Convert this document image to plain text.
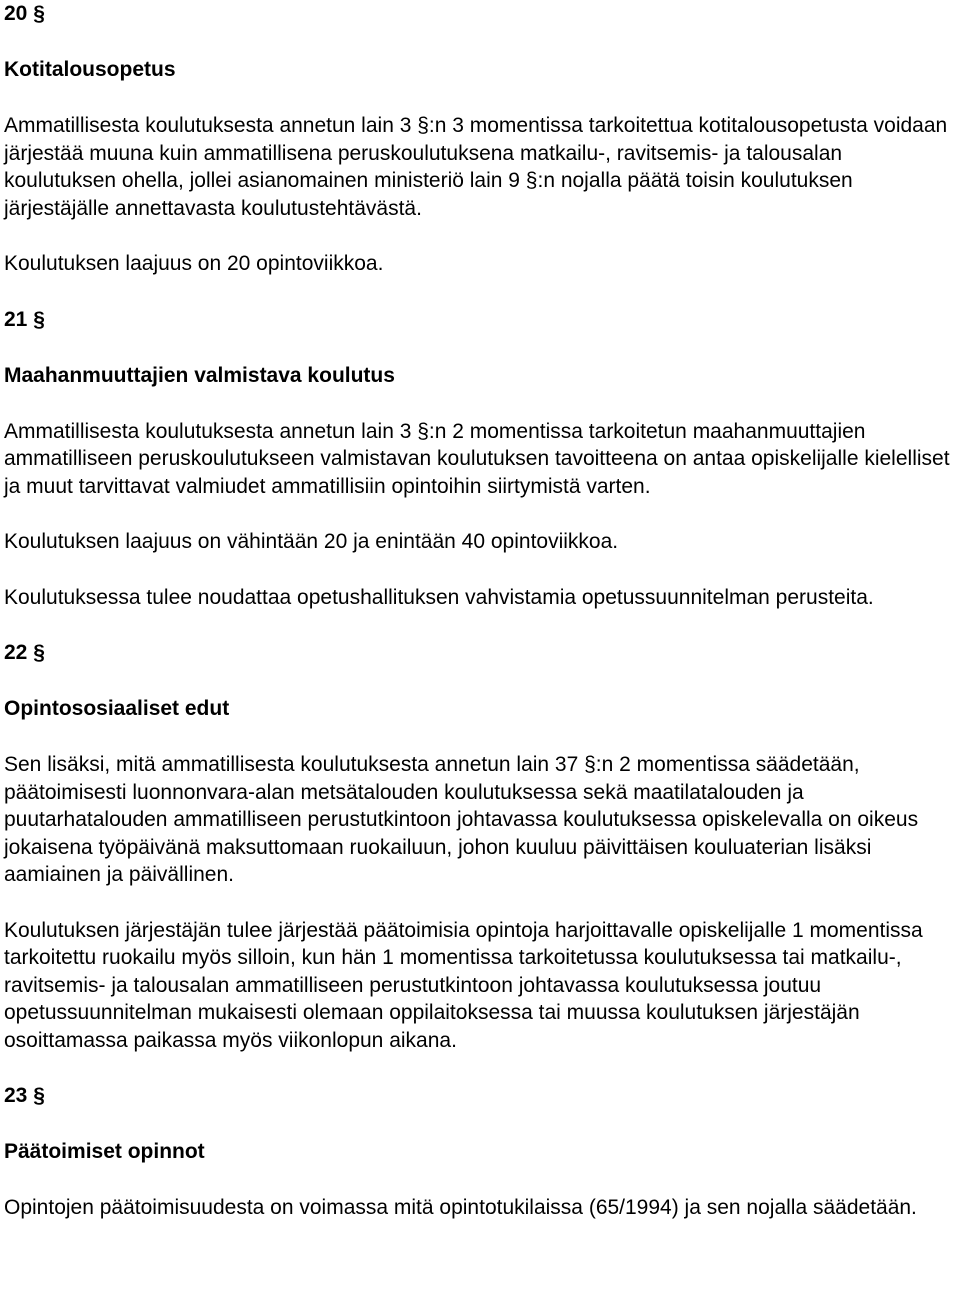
20 §

Kotitalousopetus

Ammatillisesta koulutuksesta annetun lain 3 §:n 3 momentissa tarkoitettua kotitalousopetusta voidaan järjestää muuna kuin ammatillisena peruskoulutuksena matkailu-, ravitsemis- ja talousalan koulutuksen ohella, jollei asianomainen ministeriö lain 9 §:n nojalla päätä toisin koulutuksen järjestäjälle annettavasta koulutustehtävästä.

Koulutuksen laajuus on 20 opintoviikkoa.

21 §

Maahanmuuttajien valmistava koulutus

Ammatillisesta koulutuksesta annetun lain 3 §:n 2 momentissa tarkoitetun maahanmuuttajien ammatilliseen peruskoulutukseen valmistavan koulutuksen tavoitteena on antaa opiskelijalle kielelliset ja muut tarvittavat valmiudet ammatillisiin opintoihin siirtymistä varten.

Koulutuksen laajuus on vähintään 20 ja enintään 40 opintoviikkoa.

Koulutuksessa tulee noudattaa opetushallituksen vahvistamia opetussuunnitelman perusteita.

22 §

Opintososiaaliset edut

Sen lisäksi, mitä ammatillisesta koulutuksesta annetun lain 37 §:n 2 momentissa säädetään, päätoimisesti luonnonvara-alan metsätalouden koulutuksessa sekä maatilatalouden ja puutarhatalouden ammatilliseen perustutkintoon johtavassa koulutuksessa opiskelevalla on oikeus jokaisena työpäivänä maksuttomaan ruokailuun, johon kuuluu päivittäisen kouluaterian lisäksi aamiainen ja päivällinen.

Koulutuksen järjestäjän tulee järjestää päätoimisia opintoja harjoittavalle opiskelijalle 1 momentissa tarkoitettu ruokailu myös silloin, kun hän 1 momentissa tarkoitetussa koulutuksessa tai matkailu-, ravitsemis- ja talousalan ammatilliseen perustutkintoon johtavassa koulutuksessa joutuu opetussuunnitelman mukaisesti olemaan oppilaitoksessa tai muussa koulutuksen järjestäjän osoittamassa paikassa myös viikonlopun aikana.

23 §

Päätoimiset opinnot

Opintojen päätoimisuudesta on voimassa mitä opintotukilaissa (65/1994) ja sen nojalla säädetään.
